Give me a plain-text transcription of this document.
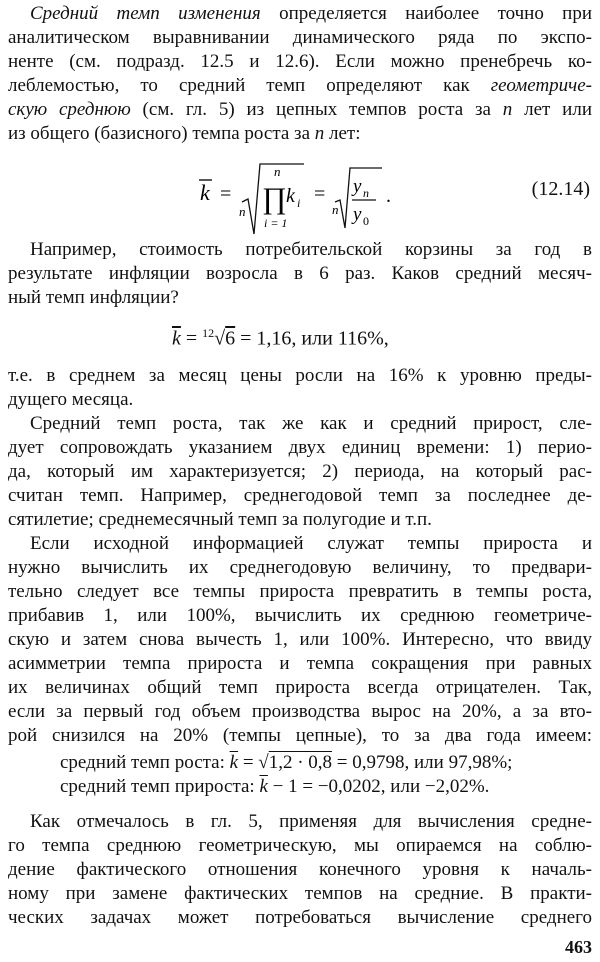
Средний темп изменения определяется наиболее точно при
аналитическом выравнивании динамического ряда по экспо-
ненте (см. подразд. 12.5 и 12.6). Если можно пренебречь ко-
леблемостью, то средний темп определяют как геометриче-
скую среднюю (см. гл. 5) из цепных темпов роста за n лет или
из общего (базисного) темпа роста за n лет:
k =
n
n
∏
i = 1
k i =
n
y n
y 0
.	(12.14)
Например, стоимость потребительской корзины за год в
результате инфляции возросла в 6 раз. Каков средний месяч-
ный темп инфляции?
$\overline{k} = ^{12}√6 = 1,16$, или 116%,
т.е. в среднем за месяц цены росли на 16% к уровню преды-
дущего месяца.
Средний темп роста, так же как и средний прирост, сле-
дует сопровождать указанием двух единиц времени: 1) перио-
да, который им характеризуется; 2) периода, на который рас-
считан темп. Например, среднегодовой темп за последнее де-
сятилетие; среднемесячный темп за полугодие и т.п.
Если исходной информацией служат темпы прироста и
нужно вычислить их среднегодовую величину, то предвари-
тельно следует все темпы прироста превратить в темпы роста,
прибавив 1, или 100%, вычислить их среднюю геометриче-
скую и затем снова вычесть 1, или 100%. Интересно, что ввиду
асимметрии темпа прироста и темпа сокращения при равных
их величинах общий темп прироста всегда отрицателен. Так,
если за первый год объем производства вырос на 20%, а за вто-
рой снизился на 20% (темпы цепные), то за два года имеем:
средний темп роста: $\overline{k} = √1,2 \cdot 0,8 = 0,9798$, или 97,98%;
средний темп прироста: $\overline{k} - 1 = -0,0202$, или −2,02%.
Как отмечалось в гл. 5, применяя для вычисления средне-
го темпа среднюю геометрическую, мы опираемся на соблю-
дение фактического отношения конечного уровня к началь-
ному при замене фактических темпов на средние. В практи-
ческих задачах может потребоваться вычисление среднего
463
